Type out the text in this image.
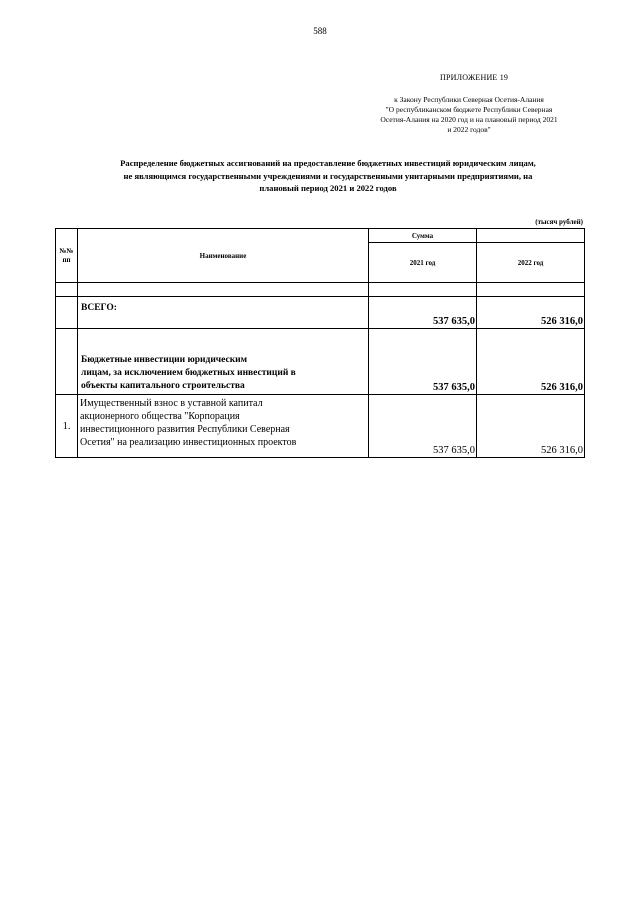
588
ПРИЛОЖЕНИЕ 19
к Закону Республики Северная Осетия-Алания
"О республиканском бюджете Республики Северная
Осетия-Алания на 2020 год и на плановый период 2021
и 2022 годов"
Распределение бюджетных ассигнований на предоставление бюджетных инвестиций юридическим лицам,
не являющимся государственными учреждениями и государственными унитарными предприятиями, на
плановый период 2021 и 2022 годов
(тысяч рублей)
№№
пп	Наименование	Сумма	
		2021 год	2022 год

	ВСЕГО:	537 635,0	526 316,0

	Бюджетные инвестиции юридическим
лицам, за исключением бюджетных инвестиций в
объекты капитального строительства	537 635,0	526 316,0
1.	Имущественный взнос в уставной капитал
акционерного общества "Корпорация
инвестиционного развития Республики Северная
Осетия" на реализацию инвестиционных проектов	537 635,0	526 316,0
